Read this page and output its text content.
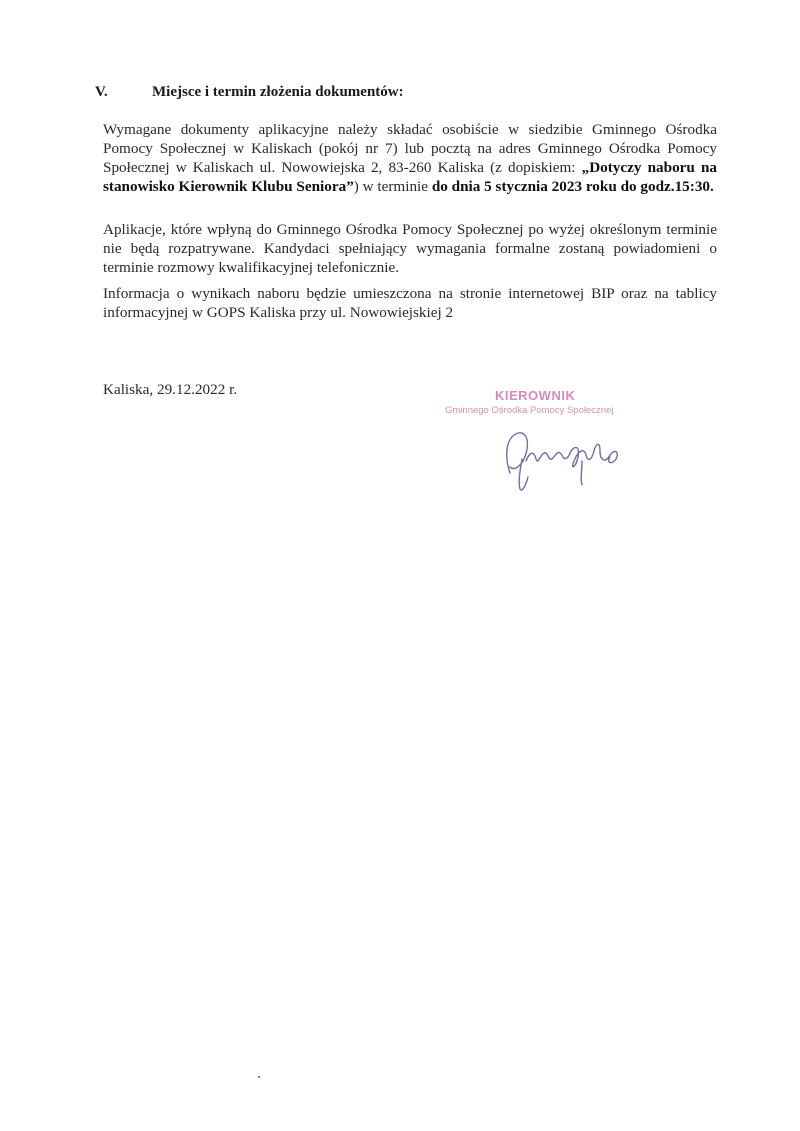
V.	Miejsce i termin złożenia dokumentów:

Wymagane dokumenty aplikacyjne należy składać osobiście w siedzibie Gminnego Ośrodka Pomocy Społecznej w Kaliskach (pokój nr 7) lub pocztą na adres Gminnego Ośrodka Pomocy Społecznej w Kaliskach ul. Nowowiejska 2, 83-260 Kaliska (z dopiskiem: „Dotyczy naboru na stanowisko Kierownik Klubu Seniora”) w terminie do dnia 5 stycznia 2023 roku do godz.15:30.

Aplikacje, które wpłyną do Gminnego Ośrodka Pomocy Społecznej po wyżej określonym terminie nie będą rozpatrywane. Kandydaci spełniający wymagania formalne zostaną powiadomieni o terminie rozmowy kwalifikacyjnej telefonicznie.

Informacja o wynikach naboru będzie umieszczona na stronie internetowej BIP oraz na tablicy informacyjnej w GOPS Kaliska przy ul. Nowowiejskiej 2

Kaliska, 29.12.2022 r.	KIEROWNIK
Gminnego Ośrodka Pomocy Społecznej
